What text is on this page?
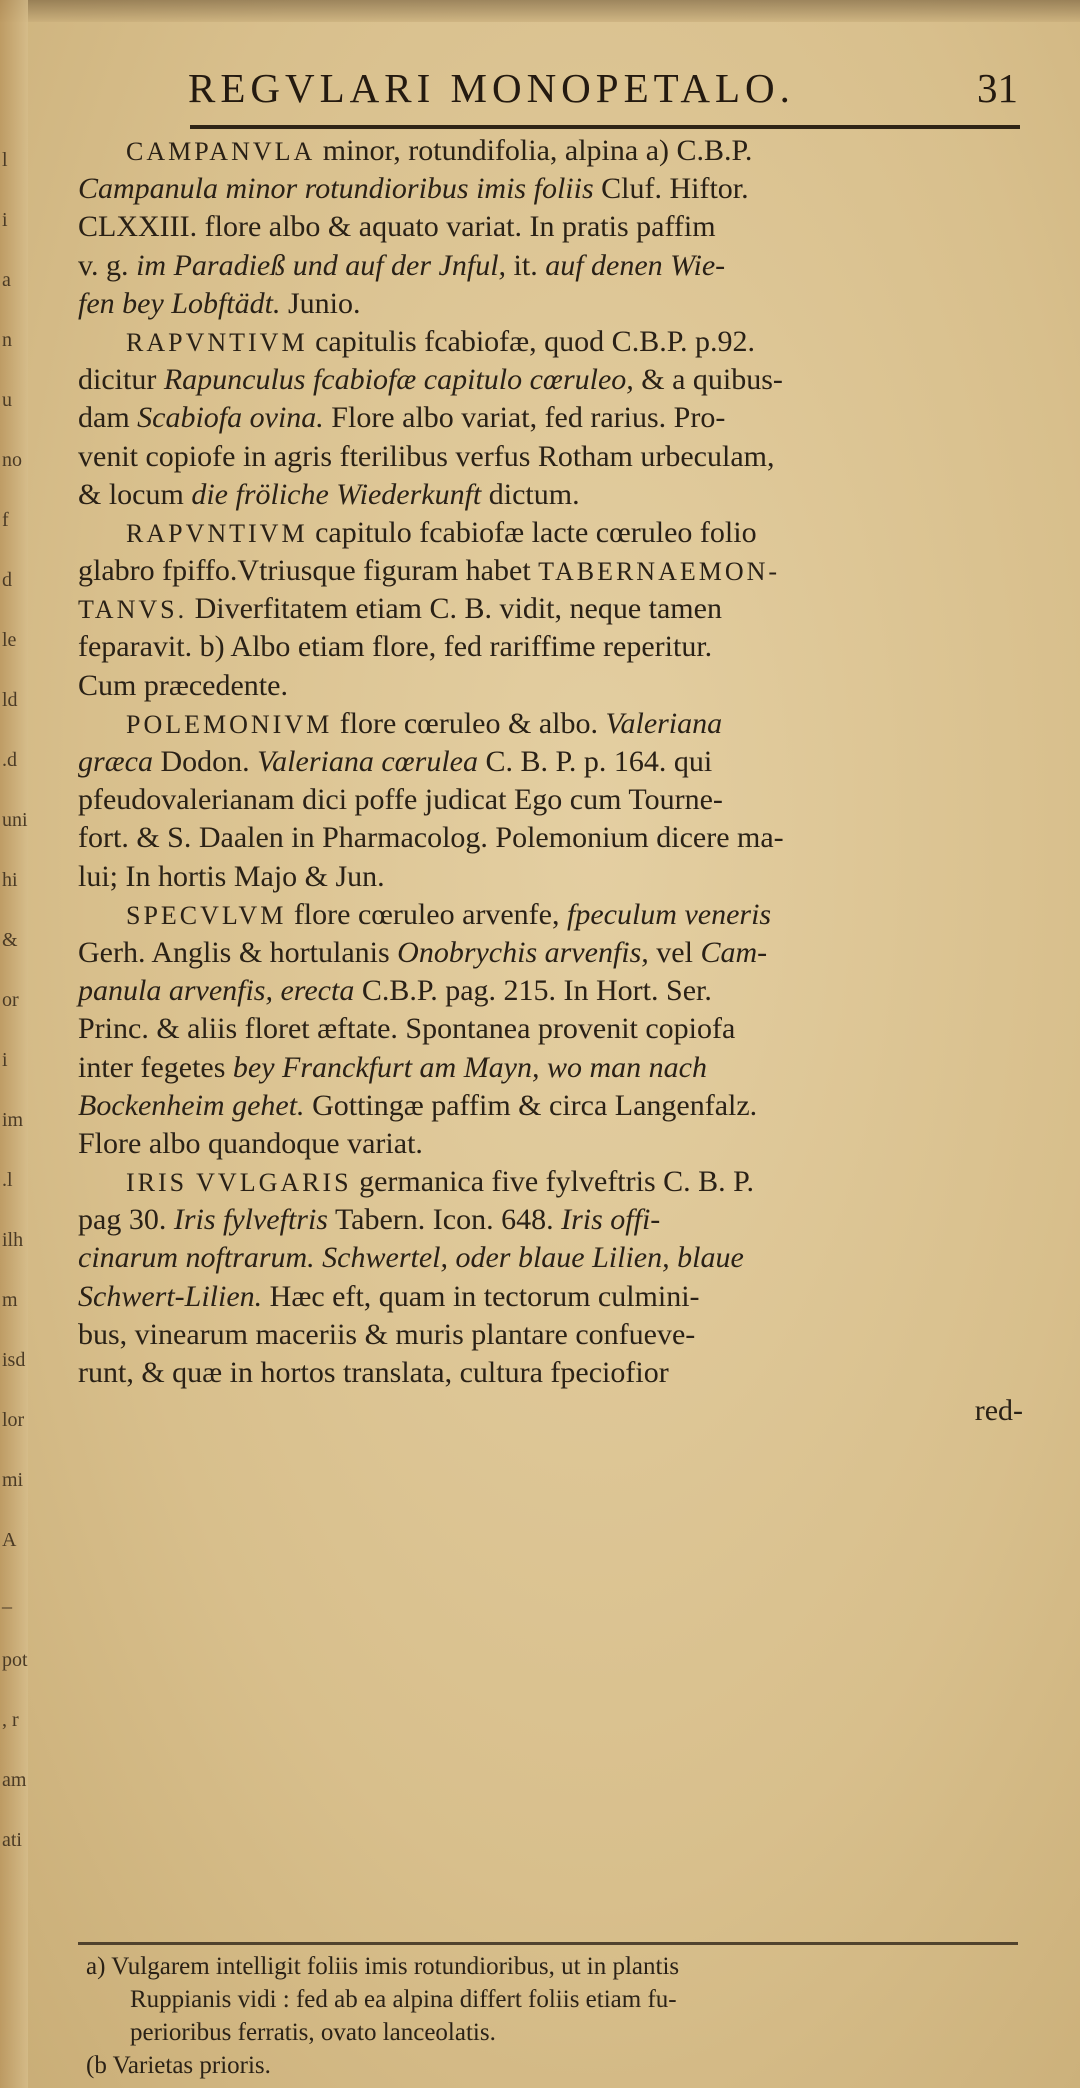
l
i
a
n
u
no
f
d
le
ld
.d
uni
hi
&
or
i
im
.l
ilh
m
isd
lor
mi
A
_
pot
, r
am
ati
REGVLARI MONOPETALO.	31
CAMPANVLA minor, rotundifolia, alpina a) C.B.P.
Campanula minor rotundioribus imis foliis Cluf. Hiftor.
CLXXIII. flore albo & aquato variat. In pratis paffim
v. g. im Paradieß und auf der Jnful, it. auf denen Wie-
fen bey Lobftädt. Junio.
RAPVNTIVM capitulis fcabiofæ, quod C.B.P. p.92.
dicitur Rapunculus fcabiofæ capitulo cœruleo, & a quibus-
dam Scabiofa ovina. Flore albo variat, fed rarius. Pro-
venit copiofe in agris fterilibus verfus Rotham urbeculam,
& locum die fröliche Wiederkunft dictum.
RAPVNTIVM capitulo fcabiofæ lacte cœruleo folio
glabro fpiffo.Vtriusque figuram habet TABERNAEMON-
TANVS. Diverfitatem etiam C. B. vidit, neque tamen
feparavit. b) Albo etiam flore, fed rariffime reperitur.
Cum præcedente.
POLEMONIVM flore cœruleo & albo. Valeriana
græca Dodon. Valeriana cœrulea C. B. P. p. 164. qui
pfeudovalerianam dici poffe judicat Ego cum Tourne-
fort. & S. Daalen in Pharmacolog. Polemonium dicere ma-
lui; In hortis Majo & Jun.
SPECVLVM flore cœruleo arvenfe, fpeculum veneris
Gerh. Anglis & hortulanis Onobrychis arvenfis, vel Cam-
panula arvenfis, erecta C.B.P. pag. 215. In Hort. Ser.
Princ. & aliis floret æftate. Spontanea provenit copiofa
inter fegetes bey Franckfurt am Mayn, wo man nach
Bockenheim gehet. Gottingæ paffim & circa Langenfalz.
Flore albo quandoque variat.
IRIS VVLGARIS germanica five fylveftris C. B. P.
pag 30. Iris fylveftris Tabern. Icon. 648. Iris offi-
cinarum noftrarum. Schwertel, oder blaue Lilien, blaue
Schwert-Lilien. Hæc eft, quam in tectorum culmini-
bus, vinearum maceriis & muris plantare confueve-
runt, & quæ in hortos translata, cultura fpeciofior
red-
a) Vulgarem intelligit foliis imis rotundioribus, ut in plantis
Ruppianis vidi : fed ab ea alpina differt foliis etiam fu-
perioribus ferratis, ovato lanceolatis.
(b Varietas prioris.
